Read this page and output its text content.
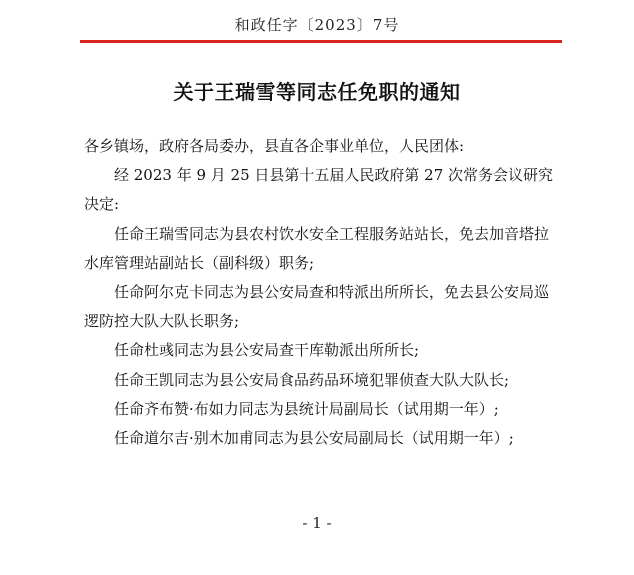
和政任字〔2023〕7号
关于王瑞雪等同志任免职的通知

各乡镇场，政府各局委办，县直各企事业单位，人民团体:

经 2023 年 9 月 25 日县第十五届人民政府第 27 次常务会议研究决定:

任命王瑞雪同志为县农村饮水安全工程服务站站长，免去加音塔拉水库管理站副站长（副科级）职务;

任命阿尔克卡同志为县公安局查和特派出所所长，免去县公安局巡逻防控大队大队长职务;

任命杜彧同志为县公安局查干库勒派出所所长;

任命王凯同志为县公安局食品药品环境犯罪侦查大队大队长;

任命齐布赞·布如力同志为县统计局副局长（试用期一年）;

任命道尔吉·别木加甫同志为县公安局副局长（试用期一年）;

- 1 -
